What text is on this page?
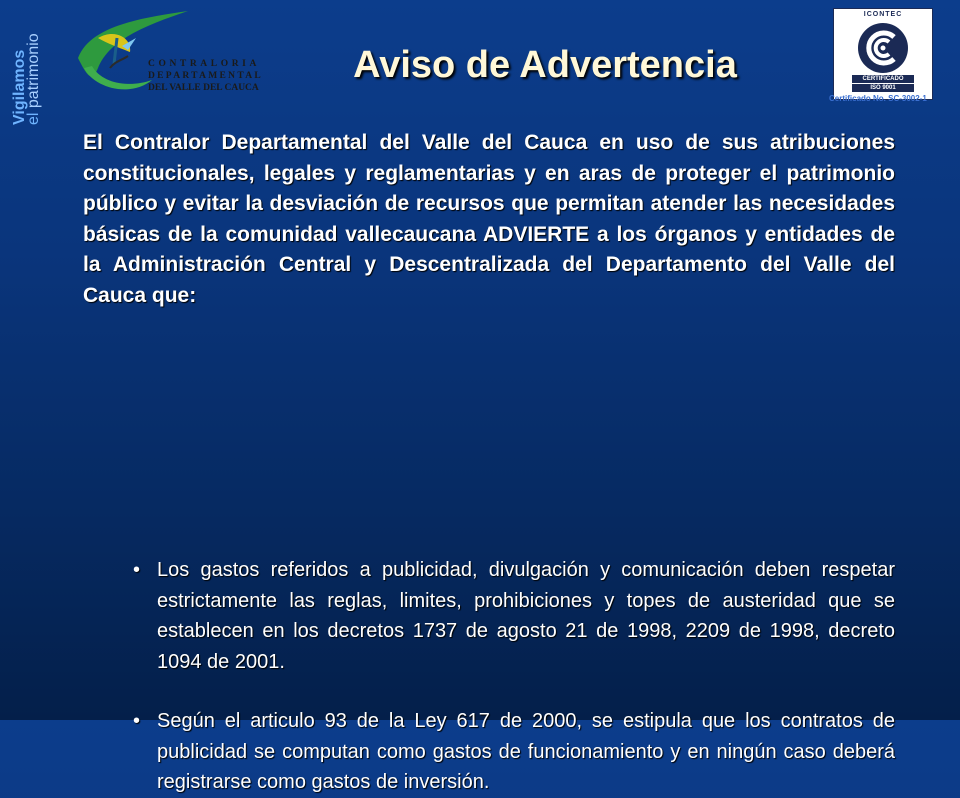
Vigilamos
el patrimonio	CONTRALORIA
DEPARTAMENTAL
DEL VALLE DEL CAUCA
Aviso de Advertencia
ICONTEC
CERTIFICADO
ISO 9001
Certificado No. SC-3002-1

El Contralor Departamental del Valle del Cauca en uso de sus atribuciones constitucionales, legales y reglamentarias y en aras de proteger el patrimonio público y evitar la desviación de recursos que permitan atender las necesidades básicas de la comunidad vallecaucana ADVIERTE a los órganos y entidades de la Administración Central y Descentralizada del Departamento del Valle del Cauca que:

• Los gastos referidos a publicidad, divulgación y comunicación deben respetar estrictamente las reglas, limites, prohibiciones y topes de austeridad que se establecen en los decretos 1737 de agosto 21 de 1998, 2209 de 1998, decreto 1094 de 2001.
• Según el articulo 93 de la Ley 617 de 2000, se estipula que los contratos de publicidad se computan como gastos de funcionamiento y en ningún caso deberá registrarse como gastos de inversión.
